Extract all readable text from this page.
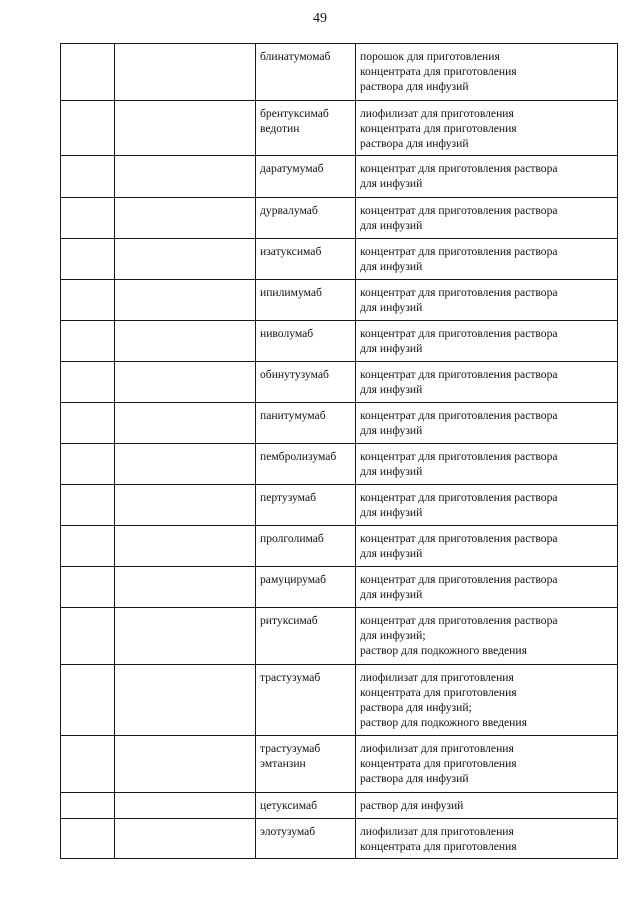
49
		блинатумомаб	порошок для приготовления
концентрата для приготовления
раствора для инфузий
		брентуксимаб
ведотин	лиофилизат для приготовления
концентрата для приготовления
раствора для инфузий
		даратумумаб	концентрат для приготовления раствора
для инфузий
		дурвалумаб	концентрат для приготовления раствора
для инфузий
		изатуксимаб	концентрат для приготовления раствора
для инфузий
		ипилимумаб	концентрат для приготовления раствора
для инфузий
		ниволумаб	концентрат для приготовления раствора
для инфузий
		обинутузумаб	концентрат для приготовления раствора
для инфузий
		панитумумаб	концентрат для приготовления раствора
для инфузий
		пембролизумаб	концентрат для приготовления раствора
для инфузий
		пертузумаб	концентрат для приготовления раствора
для инфузий
		пролголимаб	концентрат для приготовления раствора
для инфузий
		рамуцирумаб	концентрат для приготовления раствора
для инфузий
		ритуксимаб	концентрат для приготовления раствора
для инфузий;
раствор для подкожного введения
		трастузумаб	лиофилизат для приготовления
концентрата для приготовления
раствора для инфузий;
раствор для подкожного введения
		трастузумаб
эмтанзин	лиофилизат для приготовления
концентрата для приготовления
раствора для инфузий
		цетуксимаб	раствор для инфузий
		элотузумаб	лиофилизат для приготовления
концентрата для приготовления
